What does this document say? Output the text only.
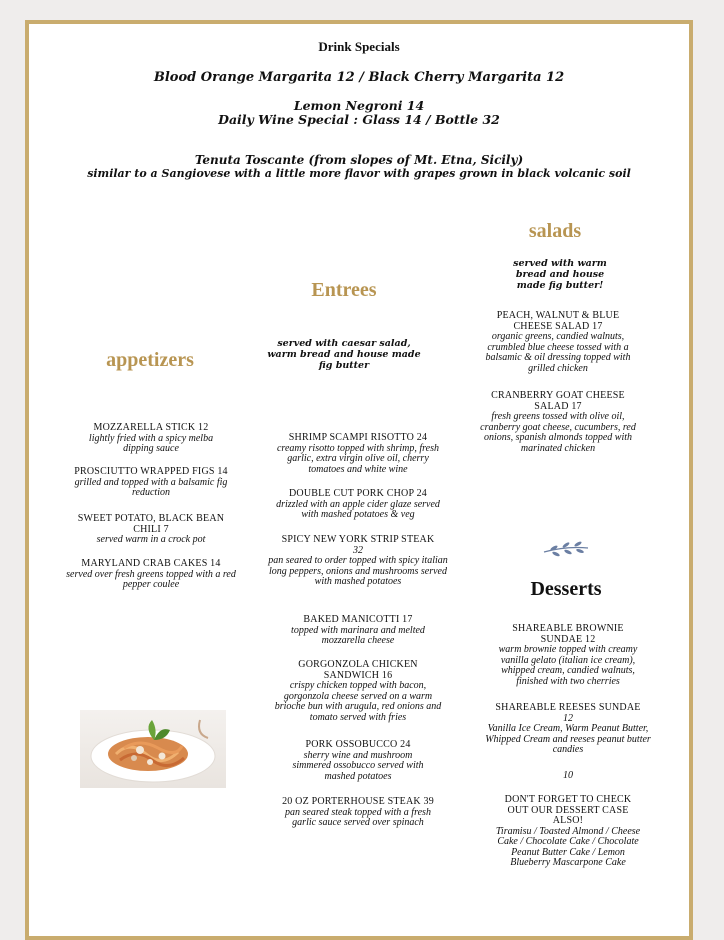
Drink Specials
Blood Orange Margarita 12 / Black Cherry Margarita 12
Lemon Negroni 14
Daily Wine Special : Glass 14 / Bottle 32
Tenuta Toscante (from slopes of Mt. Etna, Sicily)
similar to a Sangiovese with a little more flavor with grapes grown in black volcanic soil
appetizers
MOZZARELLA STICK 12
lightly fried with a spicy melba dipping sauce
PROSCIUTTO WRAPPED FIGS 14
grilled and topped with a balsamic fig reduction
SWEET POTATO, BLACK BEAN CHILI 7
served warm in a crock pot
MARYLAND CRAB CAKES 14
served over fresh greens topped with a red pepper coulee
Entrees
served with caesar salad, warm bread and house made fig butter
SHRIMP SCAMPI RISOTTO 24
creamy risotto topped with shrimp, fresh garlic, extra virgin olive oil, cherry tomatoes and white wine
DOUBLE CUT PORK CHOP 24
drizzled with an apple cider glaze served with mashed potatoes & veg
SPICY NEW YORK STRIP STEAK
32
pan seared to order topped with spicy italian long peppers, onions and mushrooms served with mashed potatoes
BAKED MANICOTTI 17
topped with marinara and melted mozzarella cheese
GORGONZOLA CHICKEN SANDWICH 16
crispy chicken topped with bacon, gorgonzola cheese served on a warm brioche bun with arugula, red onions and tomato served with fries
PORK OSSOBUCCO 24
sherry wine and mushroom simmered ossobucco served with mashed potatoes
20 OZ PORTERHOUSE STEAK 39
pan seared steak topped with a fresh garlic sauce served over spinach
salads
served with warm bread and house made fig butter!
PEACH, WALNUT & BLUE CHEESE SALAD 17
organic greens, candied walnuts, crumbled blue cheese tossed with a balsamic & oil dressing topped with grilled chicken
CRANBERRY GOAT CHEESE SALAD 17
fresh greens tossed with olive oil, cranberry goat cheese, cucumbers, red onions, spanish almonds topped with marinated chicken
Desserts
SHAREABLE BROWNIE SUNDAE 12
warm brownie topped with creamy vanilla gelato (italian ice cream), whipped cream, candied walnuts, finished with two cherries
SHAREABLE REESES SUNDAE
12
Vanilla Ice Cream, Warm Peanut Butter, Whipped Cream and reeses peanut butter candies
10
DON'T FORGET TO CHECK OUT OUR DESSERT CASE ALSO!
Tiramisu / Toasted Almond / Cheese Cake / Chocolate Cake / Chocolate Peanut Butter Cake / Lemon Blueberry Mascarpone Cake
